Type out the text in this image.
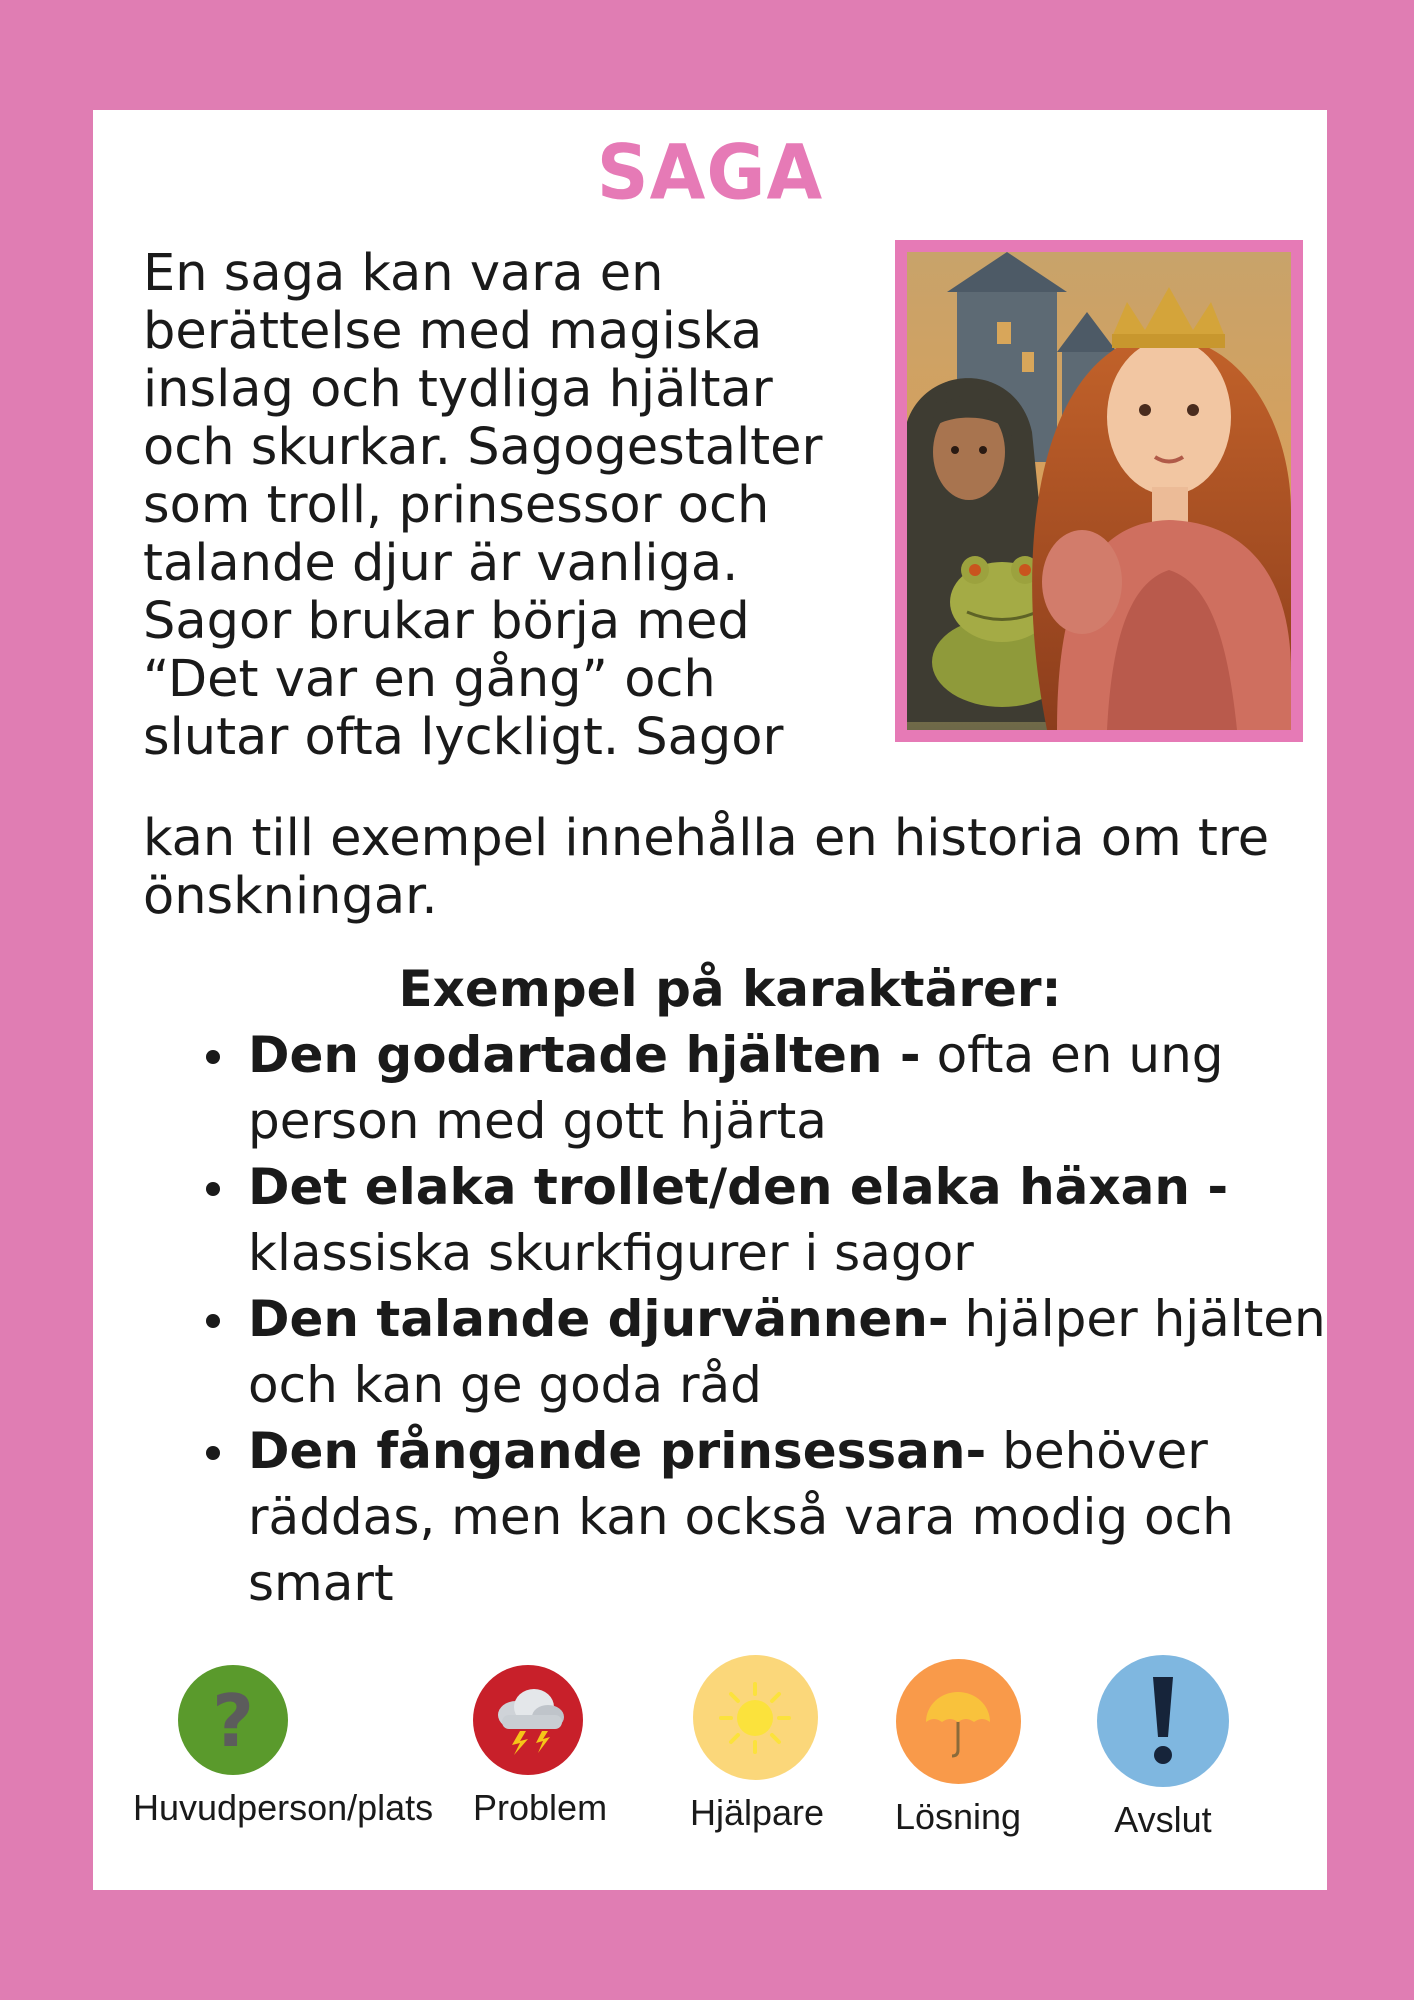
SAGA
En saga kan vara en
berättelse med magiska
inslag och tydliga hjältar
och skurkar. Sagogestalter
som troll, prinsessor och
talande djur är vanliga.
Sagor brukar börja med
“Det var en gång” och
slutar ofta lyckligt. Sagor
kan till exempel innehålla en historia om tre
önskningar.
Exempel på karaktärer:
Den godartade hjälten - ofta en ung person med gott hjärta
Det elaka trollet/den elaka häxan - klassiska skurkfigurer i sagor
Den talande djurvännen- hjälper hjälten och kan ge goda råd
Den fångande prinsessan- behöver räddas, men kan också vara modig och smart
?
Huvudperson/plats Problem Hjälpare Lösning	Avslut
